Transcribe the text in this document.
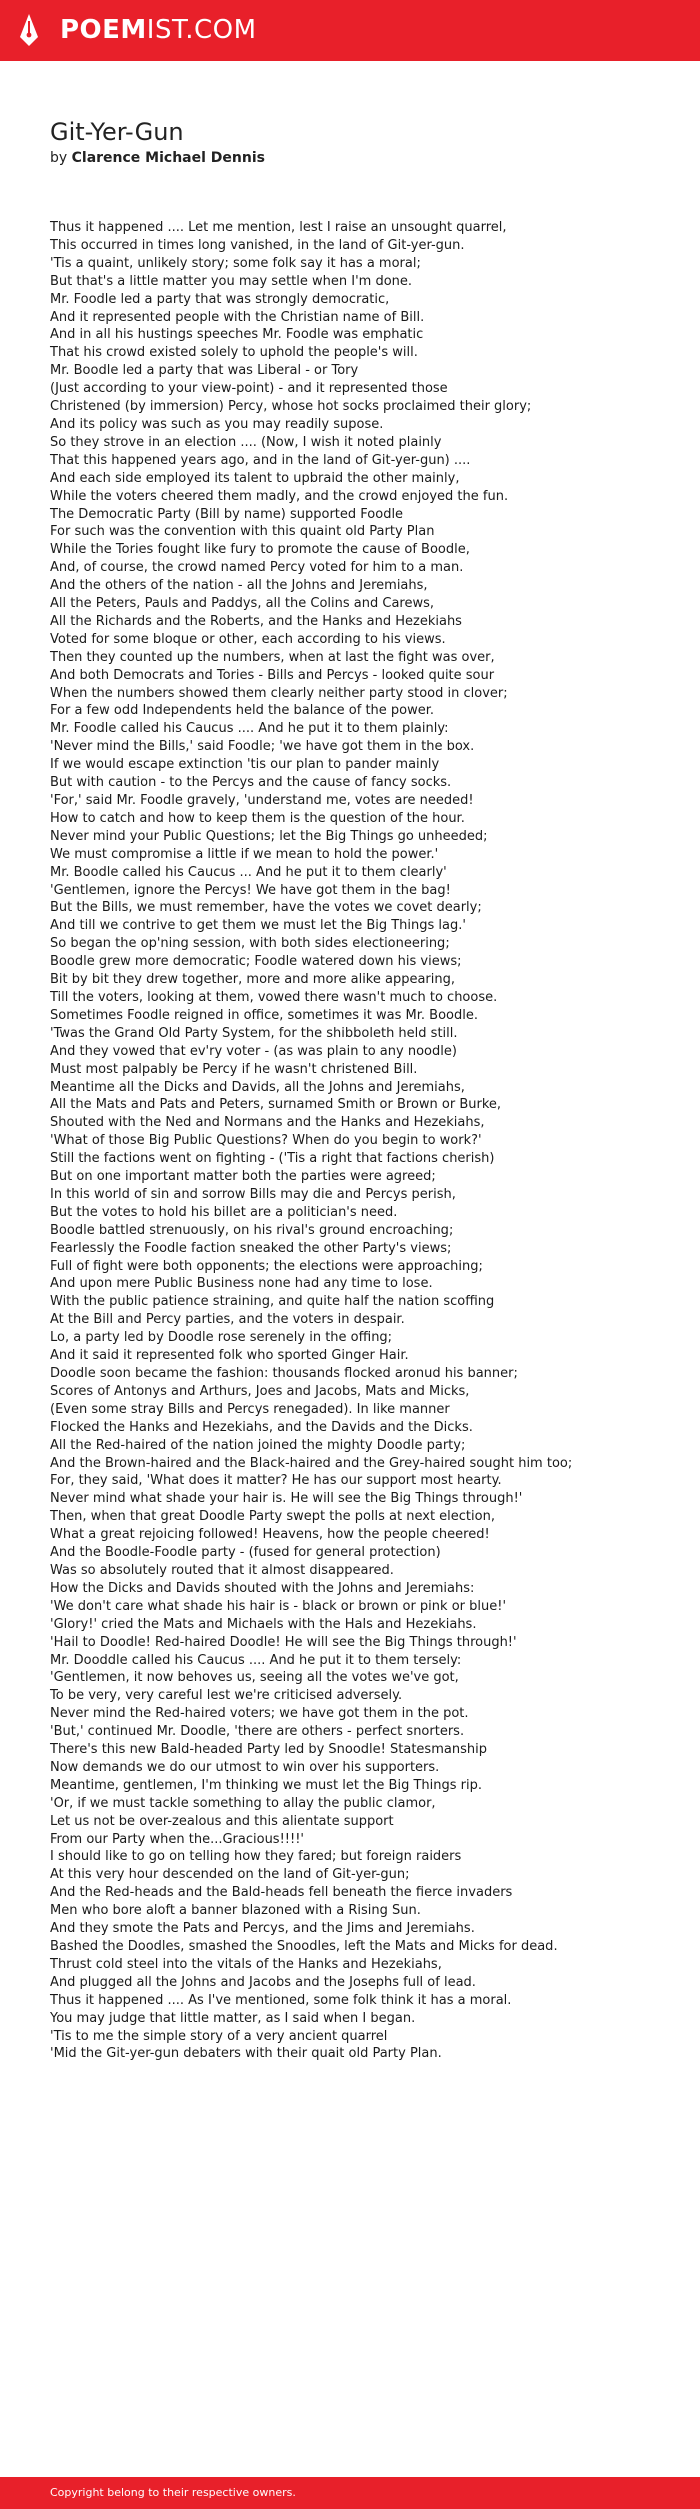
POEMIST.COM
Git-Yer-Gun
by Clarence Michael Dennis
Thus it happened .... Let me mention, lest I raise an unsought quarrel,
This occurred in times long vanished, in the land of Git-yer-gun.
'Tis a quaint, unlikely story; some folk say it has a moral;
But that's a little matter you may settle when I'm done.
Mr. Foodle led a party that was strongly democratic,
And it represented people with the Christian name of Bill.
And in all his hustings speeches Mr. Foodle was emphatic
That his crowd existed solely to uphold the people's will.
Mr. Boodle led a party that was Liberal - or Tory
(Just according to your view-point) - and it represented those
Christened (by immersion) Percy, whose hot socks proclaimed their glory;
And its policy was such as you may readily supose.
So they strove in an election .... (Now, I wish it noted plainly
That this happened years ago, and in the land of Git-yer-gun) ....
And each side employed its talent to upbraid the other mainly,
While the voters cheered them madly, and the crowd enjoyed the fun.
The Democratic Party (Bill by name) supported Foodle
For such was the convention with this quaint old Party Plan
While the Tories fought like fury to promote the cause of Boodle,
And, of course, the crowd named Percy voted for him to a man.
And the others of the nation - all the Johns and Jeremiahs,
All the Peters, Pauls and Paddys, all the Colins and Carews,
All the Richards and the Roberts, and the Hanks and Hezekiahs
Voted for some bloque or other, each according to his views.
Then they counted up the numbers, when at last the fight was over,
And both Democrats and Tories - Bills and Percys - looked quite sour
When the numbers showed them clearly neither party stood in clover;
For a few odd Independents held the balance of the power.
Mr. Foodle called his Caucus .... And he put it to them plainly:
'Never mind the Bills,' said Foodle; 'we have got them in the box.
If we would escape extinction 'tis our plan to pander mainly
But with caution - to the Percys and the cause of fancy socks.
'For,' said Mr. Foodle gravely, 'understand me, votes are needed!
How to catch and how to keep them is the question of the hour.
Never mind your Public Questions; let the Big Things go unheeded;
We must compromise a little if we mean to hold the power.'
Mr. Boodle called his Caucus ... And he put it to them clearly'
'Gentlemen, ignore the Percys! We have got them in the bag!
But the Bills, we must remember, have the votes we covet dearly;
And till we contrive to get them we must let the Big Things lag.'
So began the op'ning session, with both sides electioneering;
Boodle grew more democratic; Foodle watered down his views;
Bit by bit they drew together, more and more alike appearing,
Till the voters, looking at them, vowed there wasn't much to choose.
Sometimes Foodle reigned in office, sometimes it was Mr. Boodle.
'Twas the Grand Old Party System, for the shibboleth held still.
And they vowed that ev'ry voter - (as was plain to any noodle)
Must most palpably be Percy if he wasn't christened Bill.
Meantime all the Dicks and Davids, all the Johns and Jeremiahs,
All the Mats and Pats and Peters, surnamed Smith or Brown or Burke,
Shouted with the Ned and Normans and the Hanks and Hezekiahs,
'What of those Big Public Questions? When do you begin to work?'
Still the factions went on fighting - ('Tis a right that factions cherish)
But on one important matter both the parties were agreed;
In this world of sin and sorrow Bills may die and Percys perish,
But the votes to hold his billet are a politician's need.
Boodle battled strenuously, on his rival's ground encroaching;
Fearlessly the Foodle faction sneaked the other Party's views;
Full of fight were both opponents; the elections were approaching;
And upon mere Public Business none had any time to lose.
With the public patience straining, and quite half the nation scoffing
At the Bill and Percy parties, and the voters in despair.
Lo, a party led by Doodle rose serenely in the offing;
And it said it represented folk who sported Ginger Hair.
Doodle soon became the fashion: thousands flocked aronud his banner;
Scores of Antonys and Arthurs, Joes and Jacobs, Mats and Micks,
(Even some stray Bills and Percys renegaded). In like manner
Flocked the Hanks and Hezekiahs, and the Davids and the Dicks.
All the Red-haired of the nation joined the mighty Doodle party;
And the Brown-haired and the Black-haired and the Grey-haired sought him too;
For, they said, 'What does it matter? He has our support most hearty.
Never mind what shade your hair is. He will see the Big Things through!'
Then, when that great Doodle Party swept the polls at next election,
What a great rejoicing followed! Heavens, how the people cheered!
And the Boodle-Foodle party - (fused for general protection)
Was so absolutely routed that it almost disappeared.
How the Dicks and Davids shouted with the Johns and Jeremiahs:
'We don't care what shade his hair is - black or brown or pink or blue!'
'Glory!' cried the Mats and Michaels with the Hals and Hezekiahs.
'Hail to Doodle! Red-haired Doodle! He will see the Big Things through!'
Mr. Dooddle called his Caucus .... And he put it to them tersely:
'Gentlemen, it now behoves us, seeing all the votes we've got,
To be very, very careful lest we're criticised adversely.
Never mind the Red-haired voters; we have got them in the pot.
'But,' continued Mr. Doodle, 'there are others - perfect snorters.
There's this new Bald-headed Party led by Snoodle! Statesmanship
Now demands we do our utmost to win over his supporters.
Meantime, gentlemen, I'm thinking we must let the Big Things rip.
'Or, if we must tackle something to allay the public clamor,
Let us not be over-zealous and this alientate support
From our Party when the...Gracious!!!!'
I should like to go on telling how they fared; but foreign raiders
At this very hour descended on the land of Git-yer-gun;
And the Red-heads and the Bald-heads fell beneath the fierce invaders
Men who bore aloft a banner blazoned with a Rising Sun.
And they smote the Pats and Percys, and the Jims and Jeremiahs.
Bashed the Doodles, smashed the Snoodles, left the Mats and Micks for dead.
Thrust cold steel into the vitals of the Hanks and Hezekiahs,
And plugged all the Johns and Jacobs and the Josephs full of lead.
Thus it happened .... As I've mentioned, some folk think it has a moral.
You may judge that little matter, as I said when I began.
'Tis to me the simple story of a very ancient quarrel
'Mid the Git-yer-gun debaters with their quait old Party Plan.
Copyright belong to their respective owners.
